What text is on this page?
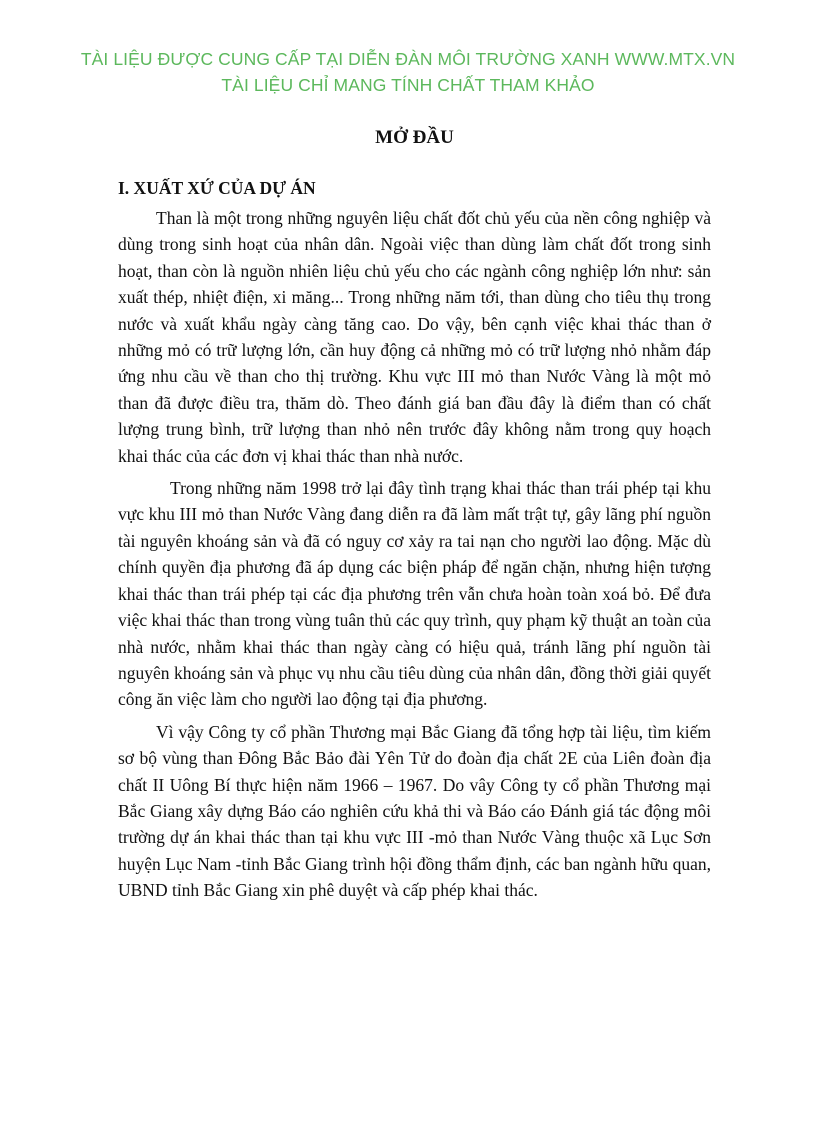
TÀI LIỆU ĐƯỢC CUNG CẤP TẠI DIỄN ĐÀN MÔI TRƯỜNG XANH WWW.MTX.VN
TÀI LIỆU CHỈ MANG TÍNH CHẤT THAM KHẢO
MỞ ĐẦU
I. XUẤT XỨ CỦA DỰ ÁN

Than là một trong những nguyên liệu chất đốt chủ yếu của nền công nghiệp và dùng trong sinh hoạt của nhân dân. Ngoài việc than dùng làm chất đốt trong sinh hoạt, than còn là nguồn nhiên liệu chủ yếu cho các ngành công nghiệp lớn như: sản xuất thép, nhiệt điện, xi măng... Trong những năm tới, than dùng cho tiêu thụ trong nước và xuất khẩu ngày càng tăng cao. Do vậy, bên cạnh việc khai thác than ở những mỏ có trữ lượng lớn, cần huy động cả những mỏ có trữ lượng nhỏ nhằm đáp ứng nhu cầu về than cho thị trường. Khu vực III mỏ than Nước Vàng là một mỏ than đã được điều tra, thăm dò. Theo đánh giá ban đầu đây là điểm than có chất lượng trung bình, trữ lượng than nhỏ nên trước đây không nằm trong quy hoạch khai thác của các đơn vị khai thác than nhà nước.

Trong những năm 1998 trở lại đây tình trạng khai thác than trái phép tại khu vực khu III mỏ than Nước Vàng đang diễn ra đã làm mất trật tự, gây lãng phí nguồn tài nguyên khoáng sản và đã có nguy cơ xảy ra tai nạn cho người lao động. Mặc dù chính quyền địa phương đã áp dụng các biện pháp để ngăn chặn, nhưng hiện tượng khai thác than trái phép tại các địa phương trên vẫn chưa hoàn toàn xoá bỏ. Để đưa việc khai thác than trong vùng tuân thủ các quy trình, quy phạm kỹ thuật an toàn của nhà nước, nhằm khai thác than ngày càng có hiệu quả, tránh lãng phí nguồn tài nguyên khoáng sản và phục vụ nhu cầu tiêu dùng của nhân dân, đồng thời giải quyết công ăn việc làm cho người lao động tại địa phương.

Vì vậy Công ty cổ phần Thương mại Bắc Giang đã tổng hợp tài liệu, tìm kiếm sơ bộ vùng than Đông Bắc Bảo đài Yên Tử do đoàn địa chất 2E của Liên đoàn địa chất II Uông Bí thực hiện năm 1966 – 1967. Do vây Công ty cổ phần Thương mại Bắc Giang xây dựng Báo cáo nghiên cứu khả thi và Báo cáo Đánh giá tác động môi trường dự án khai thác than tại khu vực III -mỏ than Nước Vàng thuộc xã Lục Sơn huyện Lục Nam -tỉnh Bắc Giang trình hội đồng thẩm định, các ban ngành hữu quan, UBND tỉnh Bắc Giang xin phê duyệt và cấp phép khai thác.
